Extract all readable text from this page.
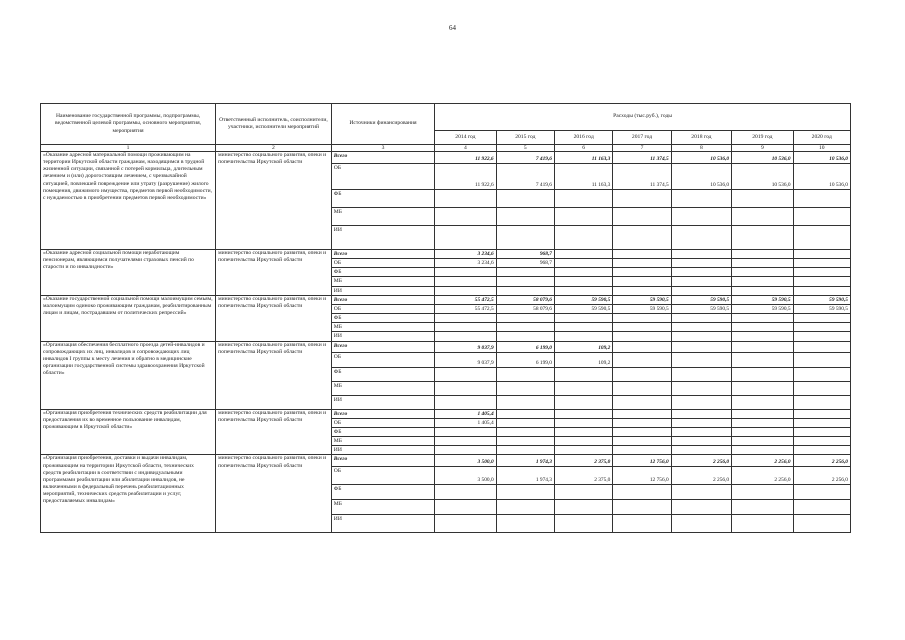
64
Наименование государственной программы, подпрограммы, ведомственной целевой программы, основного мероприятия, мероприятия	Ответственный исполнитель, соисполнители, участники, исполнители мероприятий	Источники финансирования	Расходы (тыс.руб.), годы						
			2014 год	2015 год	2016 год	2017 год	2018 год	2019 год	2020 год
1	2	3	4	5	6	7	8	9	10
«Оказание адресной материальной помощи проживающим на территории Иркутской области гражданам, находящимся в трудной жизненной ситуации, связанной с потерей кормильца, длительным лечением и (или) дорогостоящим лечением, с чрезвычайной ситуацией, повлекшей повреждение или утрату (разрушение) жилого помещения, движимого имущества, предметов первой необходимости, с нуждаемостью в приобретении предметов первой необходимости»	министерство социального развития, опеки и попечительства Иркутской области	Всего	11 922,6	7 419,6	11 163,3	11 374,5	10 536,0	10 536,0	10 536,0
		ОБ	11 922,6	7 419,6	11 163,3	11 374,5	10 536,0	10 536,0	10 536,0
		ФБ							
		МБ							
		ИИ							
«Оказание адресной социальной помощи неработающим пенсионерам, являющимся получателями страховых пенсий по старости и по инвалидности»	министерство социального развития, опеки и попечительства Иркутской области	Всего	3 234,6	968,7					
		ОБ	3 234,6	968,7					
		ФБ							
		МБ							
		ИИ							
«Оказание государственной социальной помощи малоимущим семьям, малоимущим одиноко проживающим гражданам, реабилитированным лицам и лицам, пострадавшим от политических репрессий»	министерство социального развития, опеки и попечительства Иркутской области	Всего	55 472,5	58 079,6	59 590,5	59 590,5	59 590,5	59 590,5	59 590,5
		ОБ	55 472,5	58 079,6	59 590,5	59 590,5	59 590,5	59 590,5	59 590,5
		ФБ							
		МБ							
		ИИ							
«Организация обеспечения бесплатного проезда детей-инвалидов и сопровождающих их лиц, инвалидов и сопровождающих лиц инвалидов I группы к месту лечения и обратно в медицинские организации государственной системы здравоохранения Иркутской области»	министерство социального развития, опеки и попечительства Иркутской области	Всего	9 037,9	6 199,0	109,2				
		ОБ	9 037,9	6 199,0	109,2				
		ФБ							
		МБ							
		ИИ							
«Организация приобретения технических средств реабилитации для предоставления их во временное пользование инвалидам, проживающим в Иркутской области»	министерство социального развития, опеки и попечительства Иркутской области	Всего	1 405,4						
		ОБ	1 405,4						
		ФБ							
		МБ							
		ИИ							
«Организация приобретения, доставки и выдачи инвалидам, проживающим на территории Иркутской области, технических средств реабилитации в соответствии с индивидуальными программами реабилитации или абилитации инвалидов, не включенными в федеральный перечень реабилитационных мероприятий, технических средств реабилитации и услуг, предоставляемых инвалидам»	министерство социального развития, опеки и попечительства Иркутской области	Всего	3 500,0	1 974,3	2 375,0	12 756,0	2 256,0	2 256,0	2 256,0
		ОБ	3 500,0	1 974,3	2 375,0	12 756,0	2 256,0	2 256,0	2 256,0
		ФБ							
		МБ							
		ИИ							
